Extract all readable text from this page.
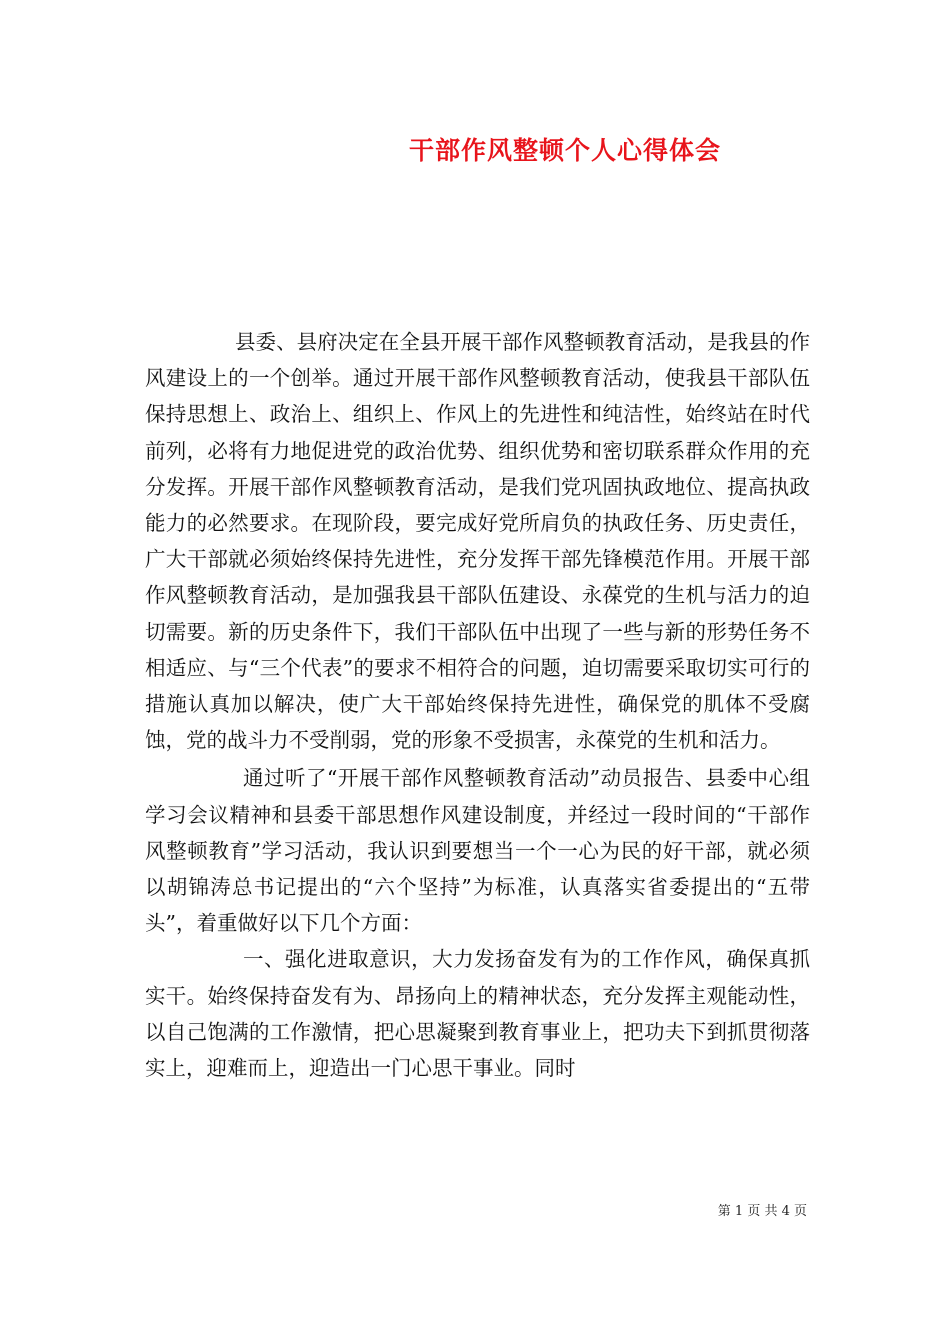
干部作风整顿个人心得体会

县委、县府决定在全县开展干部作风整顿教育活动，是我县的作风建设上的一个创举。通过开展干部作风整顿教育活动，使我县干部队伍保持思想上、政治上、组织上、作风上的先进性和纯洁性，始终站在时代前列，必将有力地促进党的政治优势、组织优势和密切联系群众作用的充分发挥。开展干部作风整顿教育活动，是我们党巩固执政地位、提高执政能力的必然要求。在现阶段，要完成好党所肩负的执政任务、历史责任，广大干部就必须始终保持先进性，充分发挥干部先锋模范作用。开展干部作风整顿教育活动，是加强我县干部队伍建设、永葆党的生机与活力的迫切需要。新的历史条件下，我们干部队伍中出现了一些与新的形势任务不相适应、与“三个代表”的要求不相符合的问题，迫切需要采取切实可行的措施认真加以解决，使广大干部始终保持先进性，确保党的肌体不受腐蚀，党的战斗力不受削弱，党的形象不受损害，永葆党的生机和活力。

通过听了“开展干部作风整顿教育活动”动员报告、县委中心组学习会议精神和县委干部思想作风建设制度，并经过一段时间的“干部作风整顿教育”学习活动，我认识到要想当一个一心为民的好干部，就必须以胡锦涛总书记提出的“六个坚持”为标准，认真落实省委提出的“五带头”，着重做好以下几个方面：

一、强化进取意识，大力发扬奋发有为的工作作风，确保真抓实干。始终保持奋发有为、昂扬向上的精神状态，充分发挥主观能动性，以自己饱满的工作激情，把心思凝聚到教育事业上，把功夫下到抓贯彻落实上，迎难而上，迎造出一门心思干事业。同时

第 1 页 共 4 页
